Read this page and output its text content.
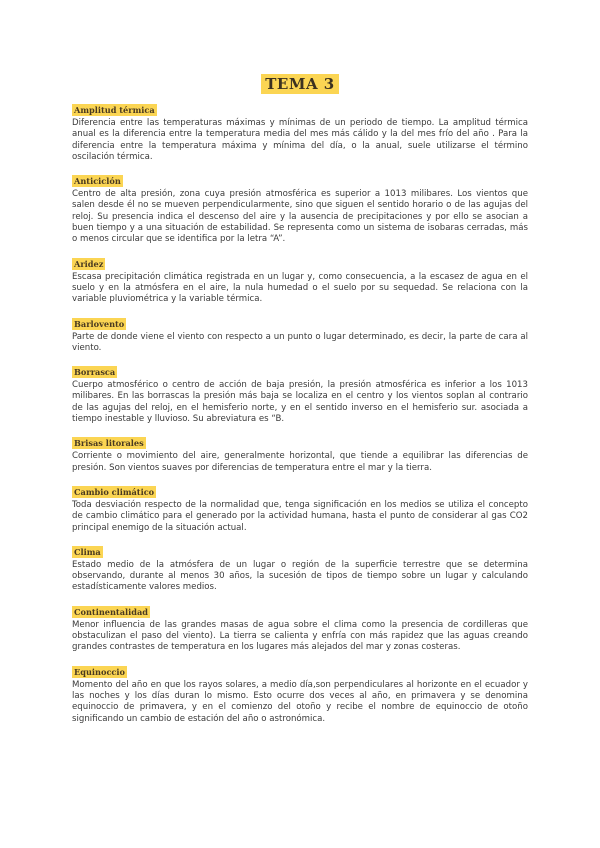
TEMA 3
Amplitud térmica

Diferencia entre las temperaturas máximas y mínimas de un periodo de tiempo. La amplitud térmica anual es la diferencia entre la temperatura media del mes más cálido y la del mes frío del año . Para la diferencia entre la temperatura máxima y mínima del día, o la anual, suele utilizarse el término oscilación térmica.

Anticiclón

Centro de alta presión, zona cuya presión atmosférica es superior a 1013 milibares. Los vientos que salen desde él no se mueven perpendicularmente, sino que siguen el sentido horario o de las agujas del reloj. Su presencia indica el descenso del aire y la ausencia de precipitaciones y por ello se asocian a buen tiempo y a una situación de estabilidad. Se representa como un sistema de isobaras cerradas, más o menos circular que se identifica por la letra “A”.

Aridez

Escasa precipitación climática registrada en un lugar y, como consecuencia, a la escasez de agua en el suelo y en la atmósfera en el aire, la nula humedad o el suelo por su sequedad. Se relaciona con la variable pluviométrica y la variable térmica.

Barlovento

Parte de donde viene el viento con respecto a un punto o lugar determinado, es decir, la parte de cara al viento.

Borrasca

Cuerpo atmosférico o centro de acción de baja presión, la presión atmosférica es inferior a los 1013 milibares. En las borrascas la presión más baja se localiza en el centro y los vientos soplan al contrario de las agujas del reloj, en el hemisferio norte, y en el sentido inverso en el hemisferio sur. asociada a tiempo inestable y lluvioso. Su abreviatura es “B.

Brisas litorales

Corriente o movimiento del aire, generalmente horizontal, que tiende a equilibrar las diferencias de presión. Son vientos suaves por diferencias de temperatura entre el mar y la tierra.

Cambio climático

Toda desviación respecto de la normalidad que, tenga significación en los medios se utiliza el concepto de cambio climático para el generado por la actividad humana, hasta el punto de considerar al gas CO2 principal enemigo de la situación actual.

Clima

Estado medio de la atmósfera de un lugar o región de la superficie terrestre que se determina observando, durante al menos 30 años, la sucesión de tipos de tiempo sobre un lugar y calculando estadísticamente valores medios.

Continentalidad

Menor influencia de las grandes masas de agua sobre el clima como la presencia de cordilleras que obstaculizan el paso del viento). La tierra se calienta y enfría con más rapidez que las aguas creando grandes contrastes de temperatura en los lugares más alejados del mar y zonas costeras.

Equinoccio

Momento del año en que los rayos solares, a medio día,son perpendiculares al horizonte en el ecuador y las noches y los días duran lo mismo. Esto ocurre dos veces al año, en primavera y se denomina equinoccio de primavera, y en el comienzo del otoño y recibe el nombre de equinoccio de otoño significando un cambio de estación del año o astronómica.
